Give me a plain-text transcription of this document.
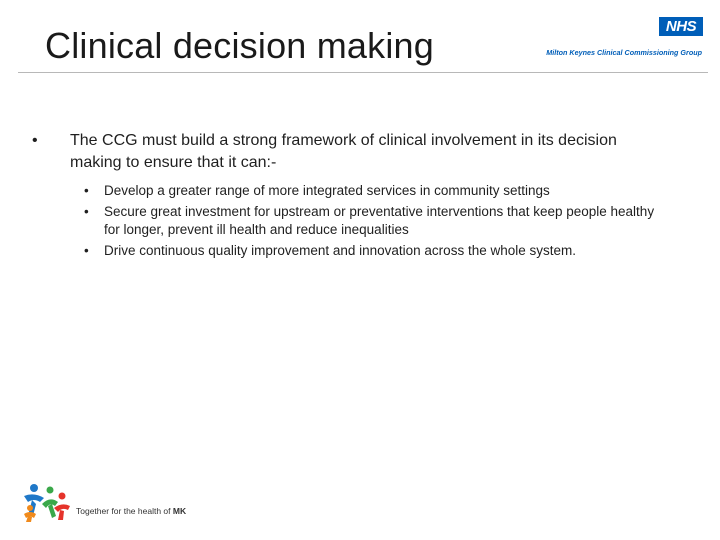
Clinical decision making	NHS
Milton Keynes Clinical Commissioning Group
• The CCG must build a strong framework of clinical involvement in its decision making to ensure that it can:-
• Develop a greater range of more integrated services in community settings
• Secure great investment for upstream or preventative interventions that keep people healthy for longer, prevent ill health and reduce inequalities
• Drive continuous quality improvement and innovation across the whole system.
Together for the health of MK
